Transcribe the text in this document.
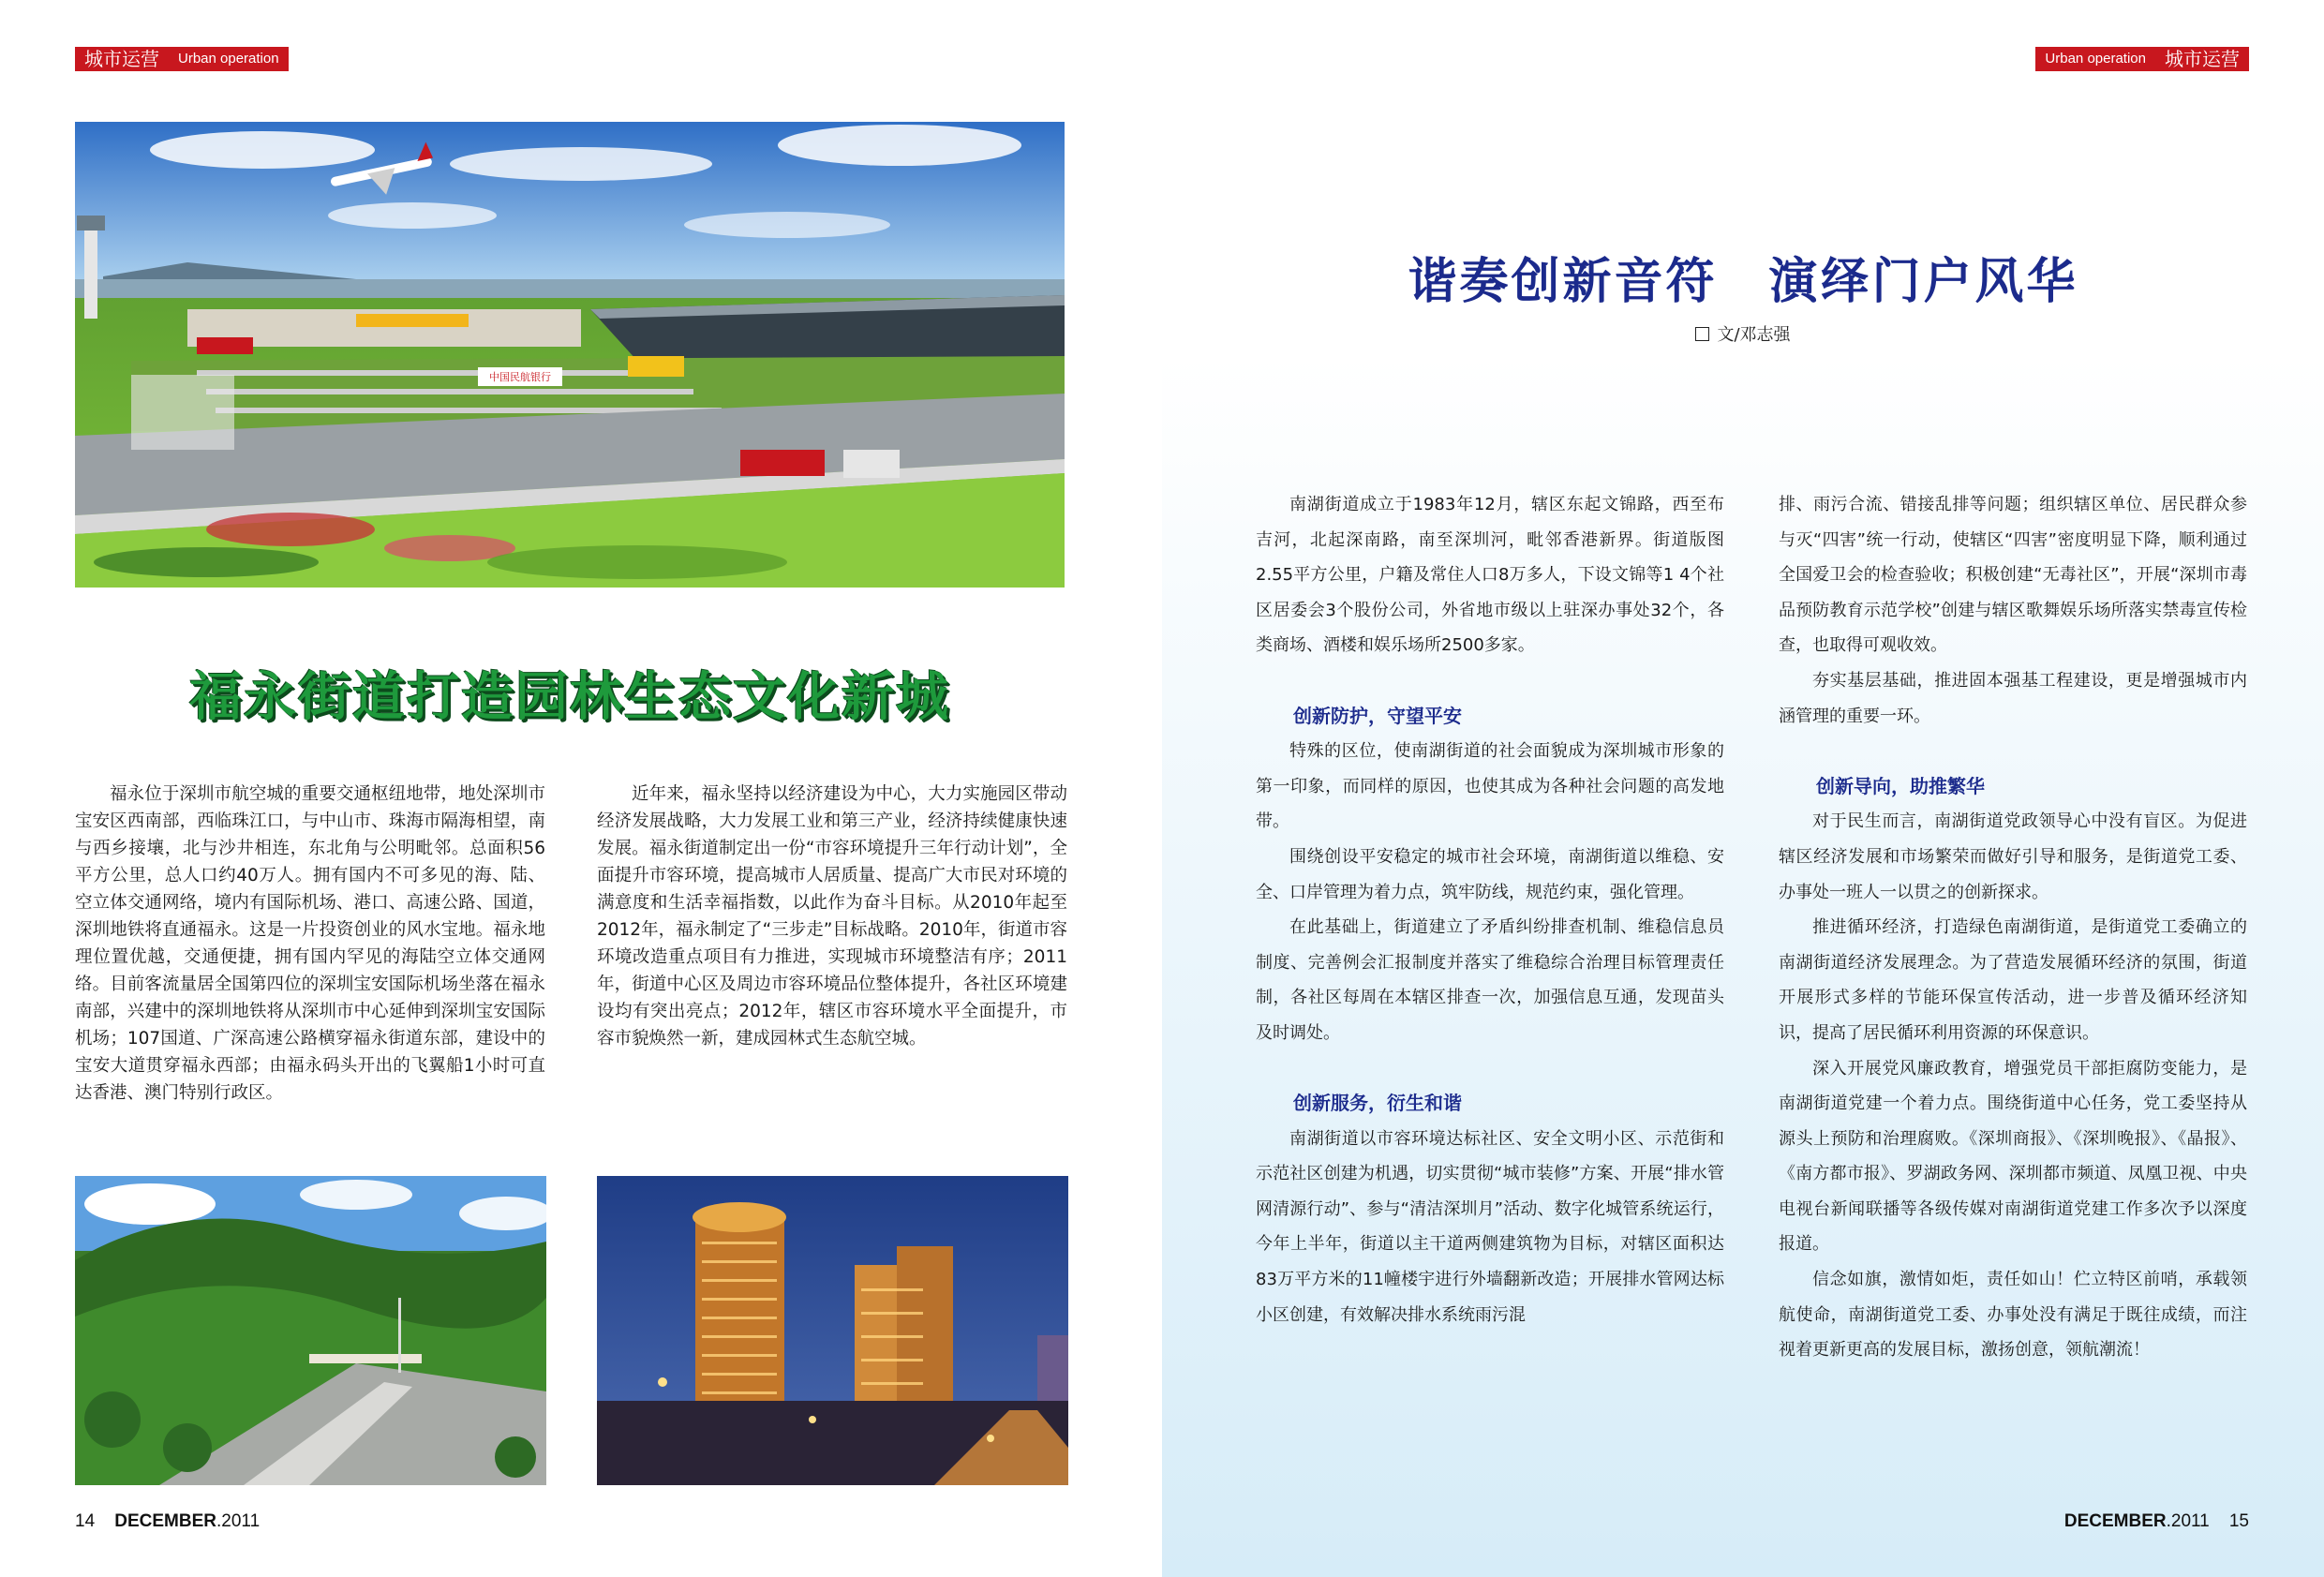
城市运营	Urban operation
中国民航银行
福永街道打造园林生态文化新城

福永位于深圳市航空城的重要交通枢纽地带，地处深圳市宝安区西南部，西临珠江口，与中山市、珠海市隔海相望，南与西乡接壤，北与沙井相连，东北角与公明毗邻。总面积56平方公里，总人口约40万人。拥有国内不可多见的海、陆、空立体交通网络，境内有国际机场、港口、高速公路、国道，深圳地铁将直通福永。这是一片投资创业的风水宝地。福永地理位置优越，交通便捷，拥有国内罕见的海陆空立体交通网络。目前客流量居全国第四位的深圳宝安国际机场坐落在福永南部，兴建中的深圳地铁将从深圳市中心延伸到深圳宝安国际机场；107国道、广深高速公路横穿福永街道东部，建设中的宝安大道贯穿福永西部；由福永码头开出的飞翼船1小时可直达香港、澳门特别行政区。

近年来，福永坚持以经济建设为中心，大力实施园区带动经济发展战略，大力发展工业和第三产业，经济持续健康快速发展。福永街道制定出一份“市容环境提升三年行动计划”，全面提升市容环境，提高城市人居质量、提高广大市民对环境的满意度和生活幸福指数，以此作为奋斗目标。从2010年起至2012年，福永制定了“三步走”目标战略。2010年，街道市容环境改造重点项目有力推进，实现城市环境整洁有序；2011年，街道中心区及周边市容环境品位整体提升，各社区环境建设均有突出亮点；2012年，辖区市容环境水平全面提升，市容市貌焕然一新，建成园林式生态航空城。

14 DECEMBER.2011
Urban operation	城市运营
谐奏创新音符　演绎门户风华
文/邓志强

南湖街道成立于1983年12月，辖区东起文锦路，西至布吉河，北起深南路，南至深圳河，毗邻香港新界。街道版图2.55平方公里，户籍及常住人口8万多人，下设文锦等1 4个社区居委会3个股份公司，外省地市级以上驻深办事处32个，各类商场、酒楼和娱乐场所2500多家。

创新防护，守望平安

特殊的区位，使南湖街道的社会面貌成为深圳城市形象的第一印象，而同样的原因，也使其成为各种社会问题的高发地带。

围绕创设平安稳定的城市社会环境，南湖街道以维稳、安全、口岸管理为着力点，筑牢防线，规范约束，强化管理。

在此基础上，街道建立了矛盾纠纷排查机制、维稳信息员制度、完善例会汇报制度并落实了维稳综合治理目标管理责任制，各社区每周在本辖区排查一次，加强信息互通，发现苗头及时调处。

创新服务，衍生和谐

南湖街道以市容环境达标社区、安全文明小区、示范街和示范社区创建为机遇，切实贯彻“城市装修”方案、开展“排水管网清源行动”、参与“清洁深圳月”活动、数字化城管系统运行，今年上半年，街道以主干道两侧建筑物为目标，对辖区面积达83万平方米的11幢楼宇进行外墙翻新改造；开展排水管网达标小区创建，有效解决排水系统雨污混

排、雨污合流、错接乱排等问题；组织辖区单位、居民群众参与灭“四害”统一行动，使辖区“四害”密度明显下降，顺利通过全国爱卫会的检查验收；积极创建“无毒社区”，开展“深圳市毒品预防教育示范学校”创建与辖区歌舞娱乐场所落实禁毒宣传检查，也取得可观收效。

夯实基层基础，推进固本强基工程建设，更是增强城市内涵管理的重要一环。

创新导向，助推繁华

对于民生而言，南湖街道党政领导心中没有盲区。为促进辖区经济发展和市场繁荣而做好引导和服务，是街道党工委、办事处一班人一以贯之的创新探求。

推进循环经济，打造绿色南湖街道，是街道党工委确立的南湖街道经济发展理念。为了营造发展循环经济的氛围，街道开展形式多样的节能环保宣传活动，进一步普及循环经济知识，提高了居民循环利用资源的环保意识。

深入开展党风廉政教育，增强党员干部拒腐防变能力，是南湖街道党建一个着力点。围绕街道中心任务，党工委坚持从源头上预防和治理腐败。《深圳商报》、《深圳晚报》、《晶报》、《南方都市报》、罗湖政务网、深圳都市频道、凤凰卫视、中央电视台新闻联播等各级传媒对南湖街道党建工作多次予以深度报道。

信念如旗，激情如炬，责任如山！伫立特区前哨，承载领航使命，南湖街道党工委、办事处没有满足于既往成绩，而注视着更新更高的发展目标，激扬创意，领航潮流！

DECEMBER.2011 15
